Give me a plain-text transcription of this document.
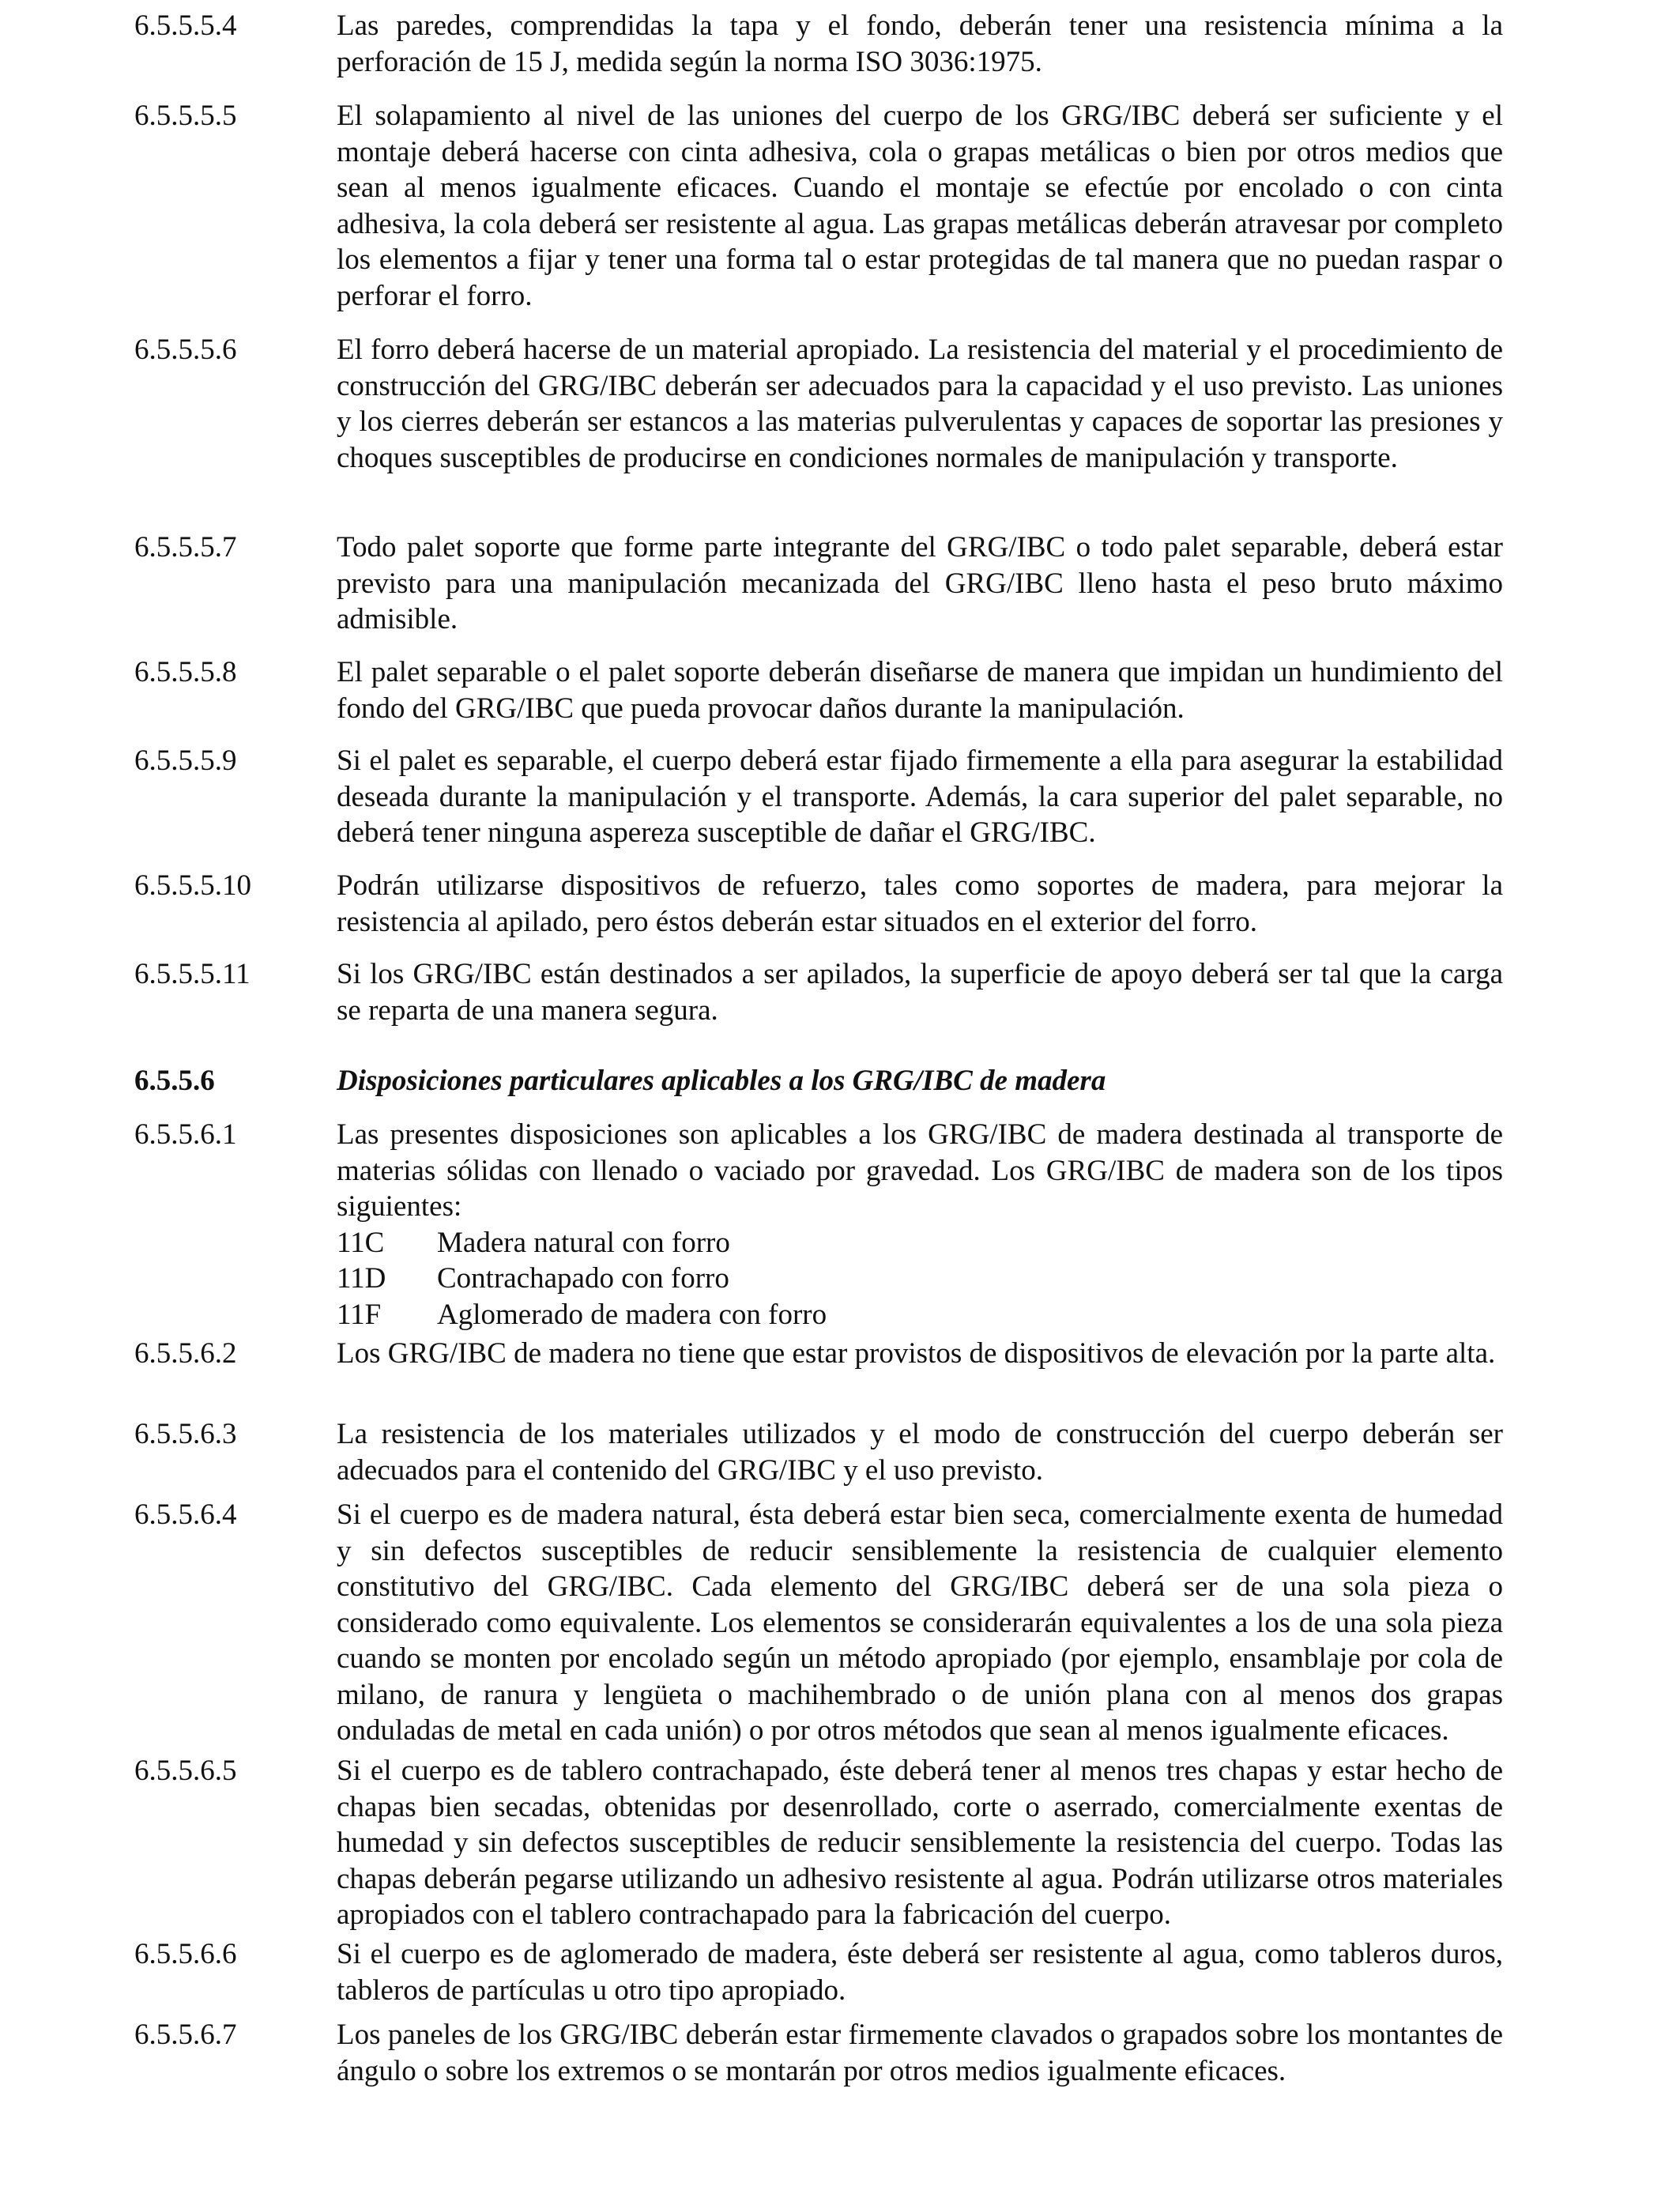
6.5.5.5.4	Las paredes, comprendidas la tapa y el fondo, deberán tener una resistencia mínima a la perforación de 15 J, medida según la norma ISO 3036:1975.
6.5.5.5.5	El solapamiento al nivel de las uniones del cuerpo de los GRG/IBC deberá ser suficiente y el montaje deberá hacerse con cinta adhesiva, cola o grapas metálicas o bien por otros medios que sean al menos igualmente eficaces. Cuando el montaje se efectúe por encolado o con cinta adhesiva, la cola deberá ser resistente al agua. Las grapas metálicas deberán atravesar por completo los elementos a fijar y tener una forma tal o estar protegidas de tal manera que no puedan raspar o perforar el forro.
6.5.5.5.6	El forro deberá hacerse de un material apropiado. La resistencia del material y el procedimiento de construcción del GRG/IBC deberán ser adecuados para la capacidad y el uso previsto. Las uniones y los cierres deberán ser estancos a las materias pulverulentas y capaces de soportar las presiones y choques susceptibles de producirse en condiciones normales de manipulación y transporte.
6.5.5.5.7	Todo palet soporte que forme parte integrante del GRG/IBC o todo palet separable, deberá estar previsto para una manipulación mecanizada del GRG/IBC lleno hasta el peso bruto máximo admisible.
6.5.5.5.8	El palet separable o el palet soporte deberán diseñarse de manera que impidan un hundimiento del fondo del GRG/IBC que pueda provocar daños durante la manipulación.
6.5.5.5.9	Si el palet es separable, el cuerpo deberá estar fijado firmemente a ella para asegurar la estabilidad deseada durante la manipulación y el transporte. Además, la cara superior del palet separable, no deberá tener ninguna aspereza susceptible de dañar el GRG/IBC.
6.5.5.5.10	Podrán utilizarse dispositivos de refuerzo, tales como soportes de madera, para mejorar la resistencia al apilado, pero éstos deberán estar situados en el exterior del forro.
6.5.5.5.11	Si los GRG/IBC están destinados a ser apilados, la superficie de apoyo deberá ser tal que la carga se reparta de una manera segura.
6.5.5.6	Disposiciones particulares aplicables a los GRG/IBC de madera
6.5.5.6.1	Las presentes disposiciones son aplicables a los GRG/IBC de madera destinada al transporte de materias sólidas con llenado o vaciado por gravedad. Los GRG/IBC de madera son de los tipos siguientes:
11C	Madera natural con forro
11D	Contrachapado con forro
11F	Aglomerado de madera con forro
6.5.5.6.2	Los GRG/IBC de madera no tiene que estar provistos de dispositivos de elevación por la parte alta.
6.5.5.6.3	La resistencia de los materiales utilizados y el modo de construcción del cuerpo deberán ser adecuados para el contenido del GRG/IBC y el uso previsto.
6.5.5.6.4	Si el cuerpo es de madera natural, ésta deberá estar bien seca, comercialmente exenta de humedad y sin defectos susceptibles de reducir sensiblemente la resistencia de cualquier elemento constitutivo del GRG/IBC. Cada elemento del GRG/IBC deberá ser de una sola pieza o considerado como equivalente. Los elementos se considerarán equivalentes a los de una sola pieza cuando se monten por encolado según un método apropiado (por ejemplo, ensamblaje por cola de milano, de ranura y lengüeta o machihembrado o de unión plana con al menos dos grapas onduladas de metal en cada unión) o por otros métodos que sean al menos igualmente eficaces.
6.5.5.6.5	Si el cuerpo es de tablero contrachapado, éste deberá tener al menos tres chapas y estar hecho de chapas bien secadas, obtenidas por desenrollado, corte o aserrado, comercialmente exentas de humedad y sin defectos susceptibles de reducir sensiblemente la resistencia del cuerpo. Todas las chapas deberán pegarse utilizando un adhesivo resistente al agua. Podrán utilizarse otros materiales apropiados con el tablero contrachapado para la fabricación del cuerpo.
6.5.5.6.6	Si el cuerpo es de aglomerado de madera, éste deberá ser resistente al agua, como tableros duros, tableros de partículas u otro tipo apropiado.
6.5.5.6.7	Los paneles de los GRG/IBC deberán estar firmemente clavados o grapados sobre los montantes de ángulo o sobre los extremos o se montarán por otros medios igualmente eficaces.
